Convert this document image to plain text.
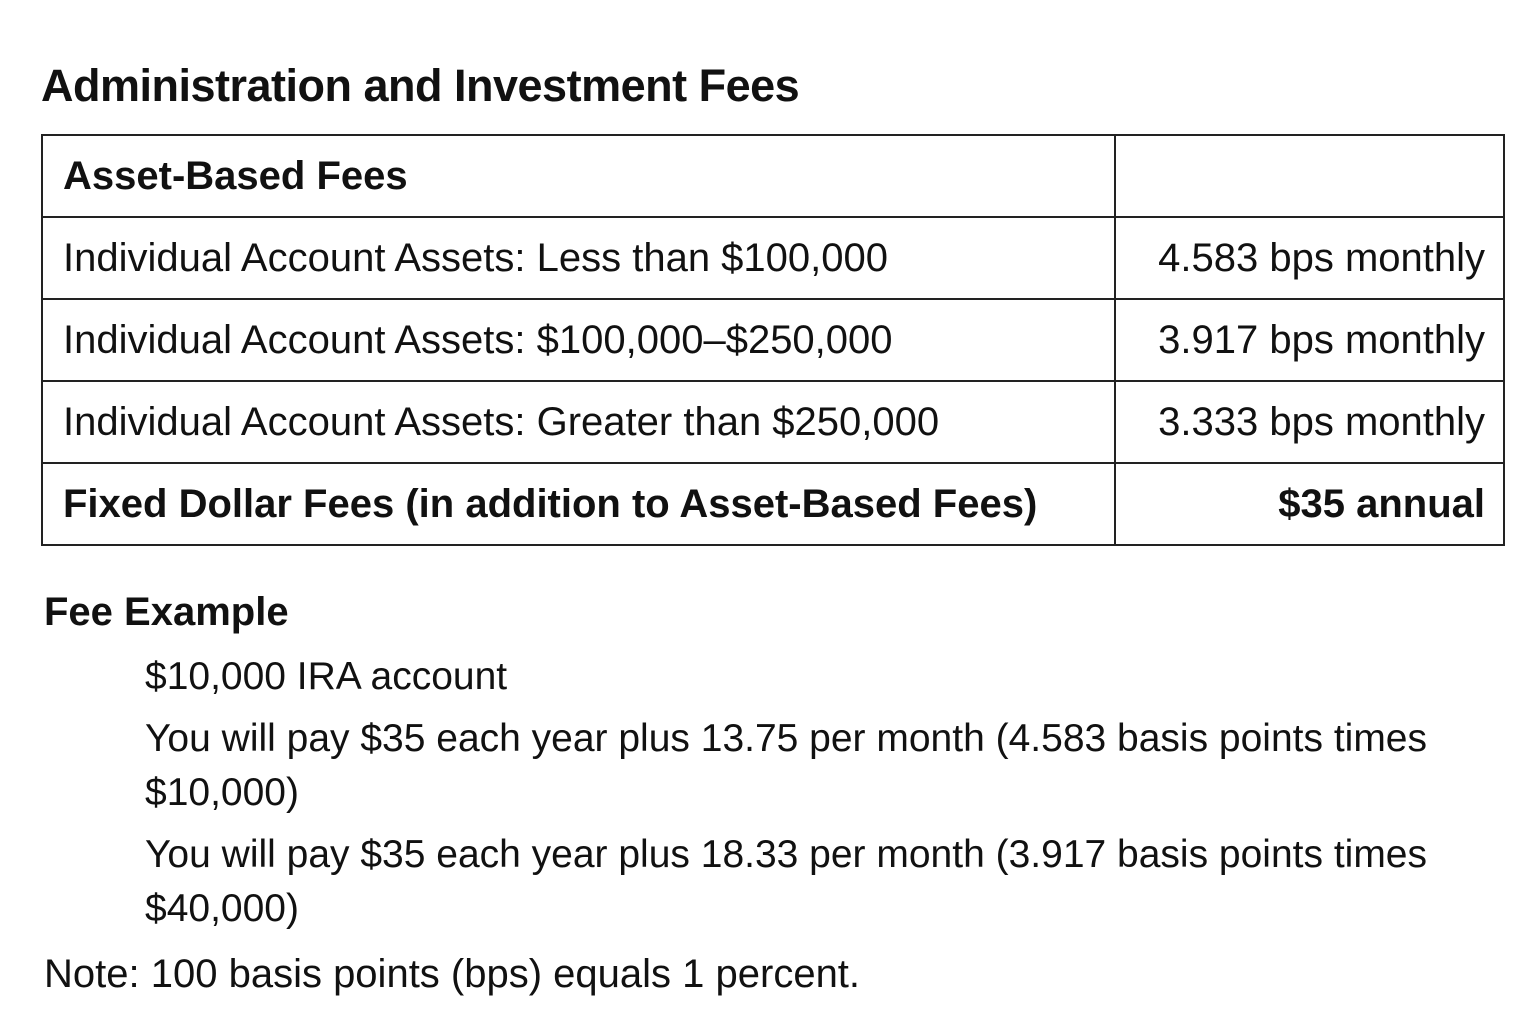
Administration and Investment Fees
Asset-Based Fees	
Individual Account Assets: Less than $100,000	4.583 bps monthly
Individual Account Assets: $100,000–$250,000	3.917 bps monthly
Individual Account Assets: Greater than $250,000	3.333 bps monthly
Fixed Dollar Fees (in addition to Asset-Based Fees)	$35 annual
Fee Example

$10,000 IRA account

You will pay $35 each year plus 13.75 per month (4.583 basis points times $10,000)

You will pay $35 each year plus 18.33 per month (3.917 basis points times $40,000)

Note: 100 basis points (bps) equals 1 percent.
